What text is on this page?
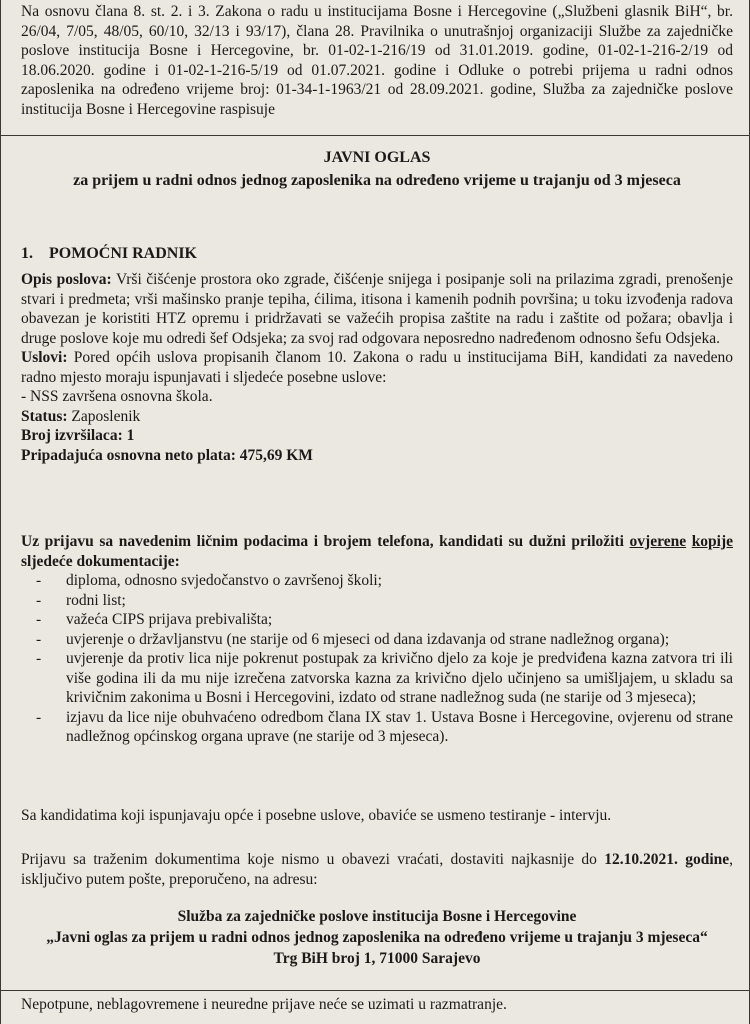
Na osnovu člana 8. st. 2. i 3. Zakona o radu u institucijama Bosne i Hercegovine („Službeni glasnik BiH“, br. 26/04, 7/05, 48/05, 60/10, 32/13 i 93/17), člana 28. Pravilnika o unutrašnjoj organizaciji Službe za zajedničke poslove institucija Bosne i Hercegovine, br. 01-02-1-216/19 od 31.01.2019. godine, 01-02-1-216-2/19 od 18.06.2020. godine i 01-02-1-216-5/19 od 01.07.2021. godine i Odluke o potrebi prijema u radni odnos zaposlenika na određeno vrijeme broj: 01-34-1-1963/21 od 28.09.2021. godine, Služba za zajedničke poslove institucija Bosne i Hercegovine raspisuje

JAVNI OGLAS
za prijem u radni odnos jednog zaposlenika na određeno vrijeme u trajanju od 3 mjeseca
1. POMOĆNI RADNIK

Opis poslova: Vrši čišćenje prostora oko zgrade, čišćenje snijega i posipanje soli na prilazima zgradi, prenošenje stvari i predmeta; vrši mašinsko pranje tepiha, ćilima, itisona i kamenih podnih površina; u toku izvođenja radova obavezan je koristiti HTZ opremu i pridržavati se važećih propisa zaštite na radu i zaštite od požara; obavlja i druge poslove koje mu odredi šef Odsjeka; za svoj rad odgovara neposredno nadređenom odnosno šefu Odsjeka.

Uslovi: Pored općih uslova propisanih članom 10. Zakona o radu u institucijama BiH, kandidati za navedeno radno mjesto moraju ispunjavati i sljedeće posebne uslove:

- NSS završena osnovna škola.

Status: Zaposlenik

Broj izvršilaca: 1

Pripadajuća osnovna neto plata: 475,69 KM

Uz prijavu sa navedenim ličnim podacima i brojem telefona, kandidati su dužni priložiti ovjerene kopije sljedeće dokumentacije:

- diploma, odnosno svjedočanstvo o završenoj školi;
- rodni list;
- važeća CIPS prijava prebivališta;
- uvjerenje o državljanstvu (ne starije od 6 mjeseci od dana izdavanja od strane nadležnog organa);
- uvjerenje da protiv lica nije pokrenut postupak za krivično djelo za koje je predviđena kazna zatvora tri ili više godina ili da mu nije izrečena zatvorska kazna za krivično djelo učinjeno sa umišljajem, u skladu sa krivičnim zakonima u Bosni i Hercegovini, izdato od strane nadležnog suda (ne starije od 3 mjeseca);
- izjavu da lice nije obuhvaćeno odredbom člana IX stav 1. Ustava Bosne i Hercegovine, ovjerenu od strane nadležnog općinskog organa uprave (ne starije od 3 mjeseca).

Sa kandidatima koji ispunjavaju opće i posebne uslove, obaviće se usmeno testiranje - intervju.

Prijavu sa traženim dokumentima koje nismo u obavezi vraćati, dostaviti najkasnije do 12.10.2021. godine, isključivo putem pošte, preporučeno, na adresu:

Služba za zajedničke poslove institucija Bosne i Hercegovine
„Javni oglas za prijem u radni odnos jednog zaposlenika na određeno vrijeme u trajanju 3 mjeseca“
Trg BiH broj 1, 71000 Sarajevo

Nepotpune, neblagovremene i neuredne prijave neće se uzimati u razmatranje.
